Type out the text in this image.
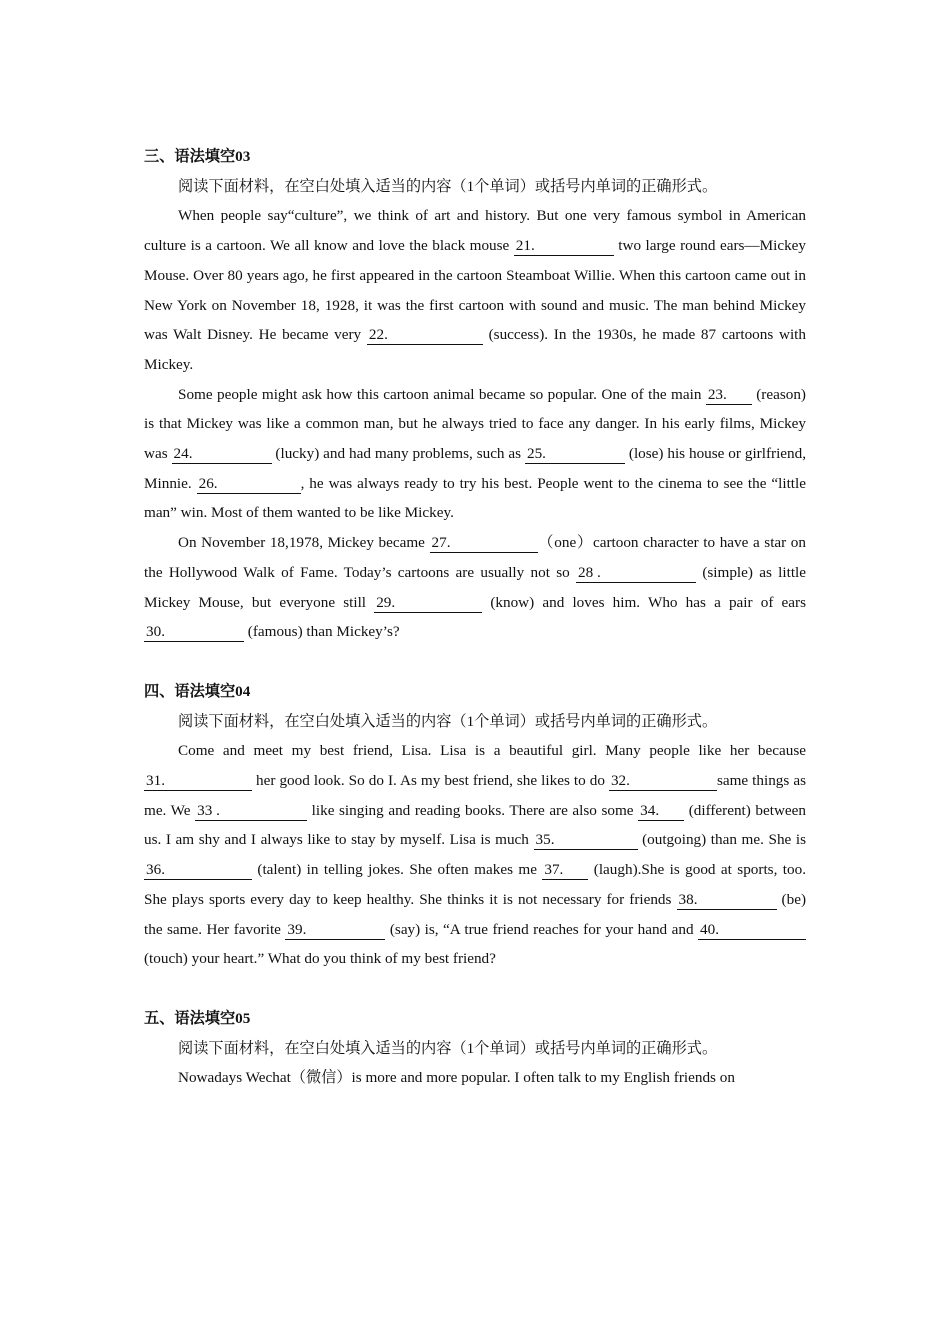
三、语法填空03

阅读下面材料，在空白处填入适当的内容（1个单词）或括号内单词的正确形式。

When people say“culture”, we think of art and history. But one very famous symbol in American culture is a cartoon. We all know and love the black mouse 21.	two large round ears—Mickey Mouse. Over 80 years ago, he first appeared in the cartoon Steamboat Willie. When this cartoon came out in New York on November 18, 1928, it was the first cartoon with sound and music. The man behind Mickey was Walt Disney. He became very 22.	(success). In the 1930s, he made 87 cartoons with Mickey.

Some people might ask how this cartoon animal became so popular. One of the main 23. (reason) is that Mickey was like a common man, but he always tried to face any danger. In his early films, Mickey was 24.	(lucky) and had many problems, such as 25.	(lose) his house or girlfriend, Minnie. 26.	, he was always ready to try his best. People went to the cinema to see the “little man” win. Most of them wanted to be like Mickey.

On November 18,1978, Mickey became 27.	（one）cartoon character to have a star on the Hollywood Walk of Fame. Today’s cartoons are usually not so 28 .	(simple) as little Mickey Mouse, but everyone still 29.	(know) and loves him. Who has a pair of ears 30.	(famous) than Mickey’s?

四、语法填空04

阅读下面材料，在空白处填入适当的内容（1个单词）或括号内单词的正确形式。

Come and meet my best friend, Lisa. Lisa is a beautiful girl. Many people like her because 31.	her good look. So do I. As my best friend, she likes to do 32.	same things as me. We 33 .	like singing and reading books. There are also some 34. (different) between us. I am shy and I always like to stay by myself. Lisa is much 35.	(outgoing) than me. She is 36.	(talent) in telling jokes. She often makes me 37. (laugh).She is good at sports, too. She plays sports every day to keep healthy. She thinks it is not necessary for friends 38.	(be) the same. Her favorite 39.	(say) is, “A true friend reaches for your hand and 40. (touch) your heart.” What do you think of my best friend?

五、语法填空05

阅读下面材料，在空白处填入适当的内容（1个单词）或括号内单词的正确形式。

Nowadays Wechat（微信）is more and more popular. I often talk to my English friends on
